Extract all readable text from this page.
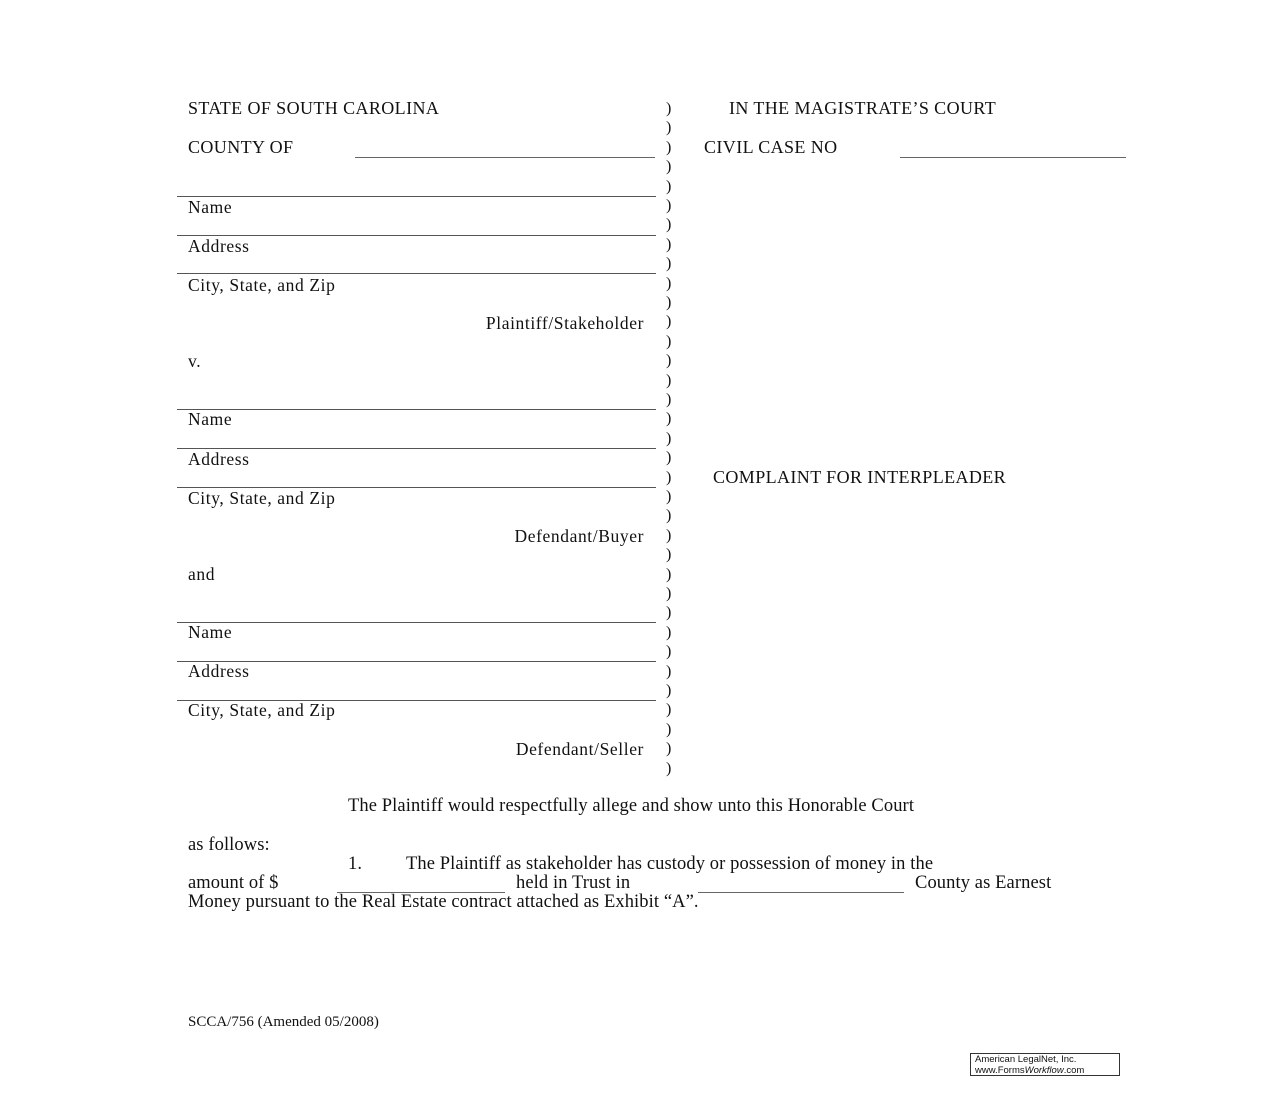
STATE OF SOUTH CAROLINA
COUNTY OF
IN THE MAGISTRATE’S COURT
CIVIL CASE NO
Name
Address
City, State, and Zip
Plaintiff/Stakeholder
v.
Name
Address
City, State, and Zip
Defendant/Buyer
and
Name
Address
City, State, and Zip
Defendant/Seller
)
)
)
)
)
)
)
)
)
)
)
)
)
)
)
)
)
)
)
)
)
)
)
)
)
)
)
)
)
)
)
)
)
)
)
COMPLAINT FOR INTERPLEADER
The Plaintiff would respectfully allege and show unto this Honorable Court
as follows:
1. The Plaintiff as stakeholder has custody or possession of money in the
amount of $	held in Trust in	County as Earnest
Money pursuant to the Real Estate contract attached as Exhibit “A”.
SCCA/756 (Amended 05/2008)
American LegalNet, Inc.
www.FormsWorkflow.com
